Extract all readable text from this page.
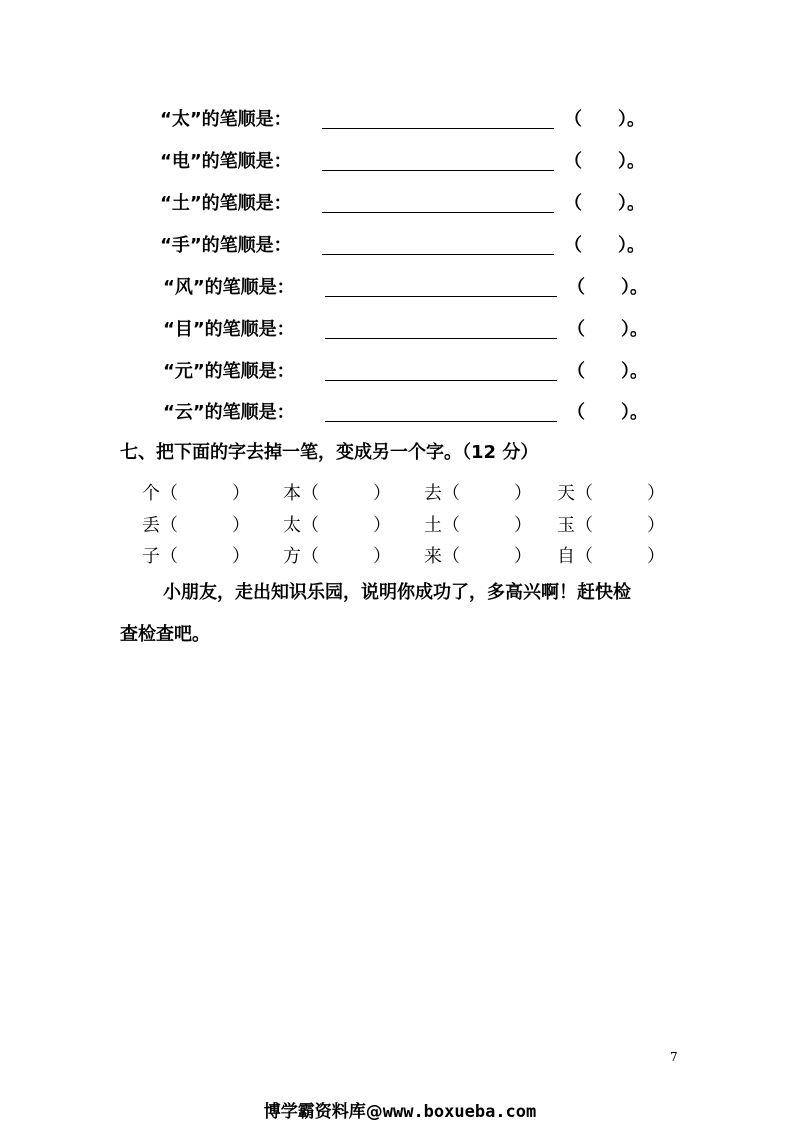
“太”的笔顺是：	（　　）。
“电”的笔顺是：	（　　）。
“土”的笔顺是：	（　　）。
“手”的笔顺是：	（　　）。
“风”的笔顺是：	（　　）。
“目”的笔顺是：	（　　）。
“元”的笔顺是：	（　　）。
“云”的笔顺是：	（　　）。
七、把下面的字去掉一笔，变成另一个字。（12 分）
个（　　　） 本（　　　） 去（　　　） 天（　　　）
丢（　　　） 太（　　　） 土（　　　） 玉（　　　）
子（　　　） 方（　　　） 来（　　　） 自（　　　）
小朋友，走出知识乐园，说明你成功了，多高兴啊！赶快检
查检查吧。
7
博学霸资料库@www.boxueba.com
